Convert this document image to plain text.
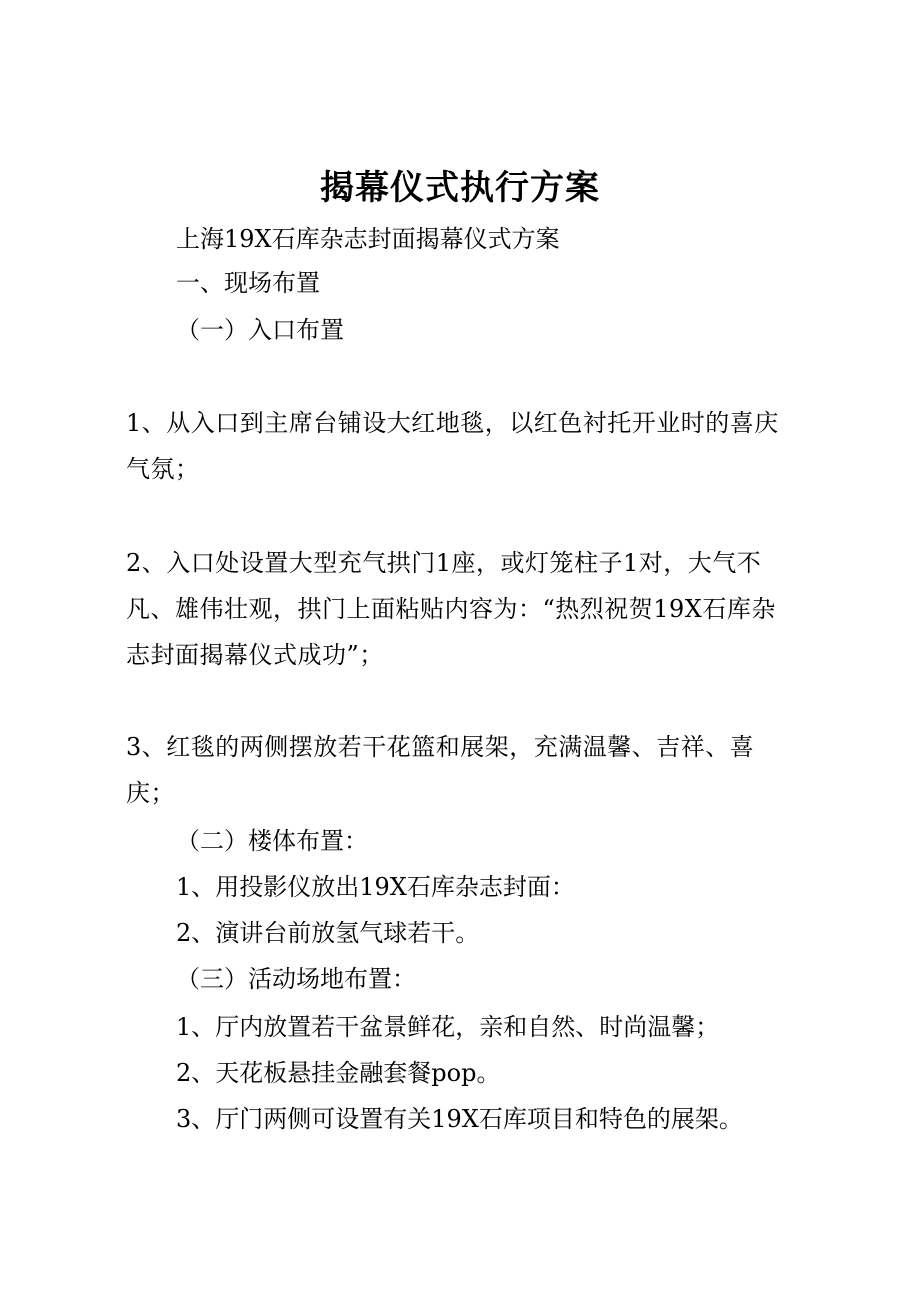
揭幕仪式执行方案
上海19X石库杂志封面揭幕仪式方案
一、现场布置
（一）入口布置
1、从入口到主席台铺设大红地毯，以红色衬托开业时的喜庆气氛；
2、入口处设置大型充气拱门1座，或灯笼柱子1对，大气不凡、雄伟壮观，拱门上面粘贴内容为：“热烈祝贺19X石库杂志封面揭幕仪式成功”；
3、红毯的两侧摆放若干花篮和展架，充满温馨、吉祥、喜庆；
（二）楼体布置：
1、用投影仪放出19X石库杂志封面：
2、演讲台前放氢气球若干。
（三）活动场地布置：
1、厅内放置若干盆景鲜花，亲和自然、时尚温馨；
2、天花板悬挂金融套餐pop。
3、厅门两侧可设置有关19X石库项目和特色的展架。
